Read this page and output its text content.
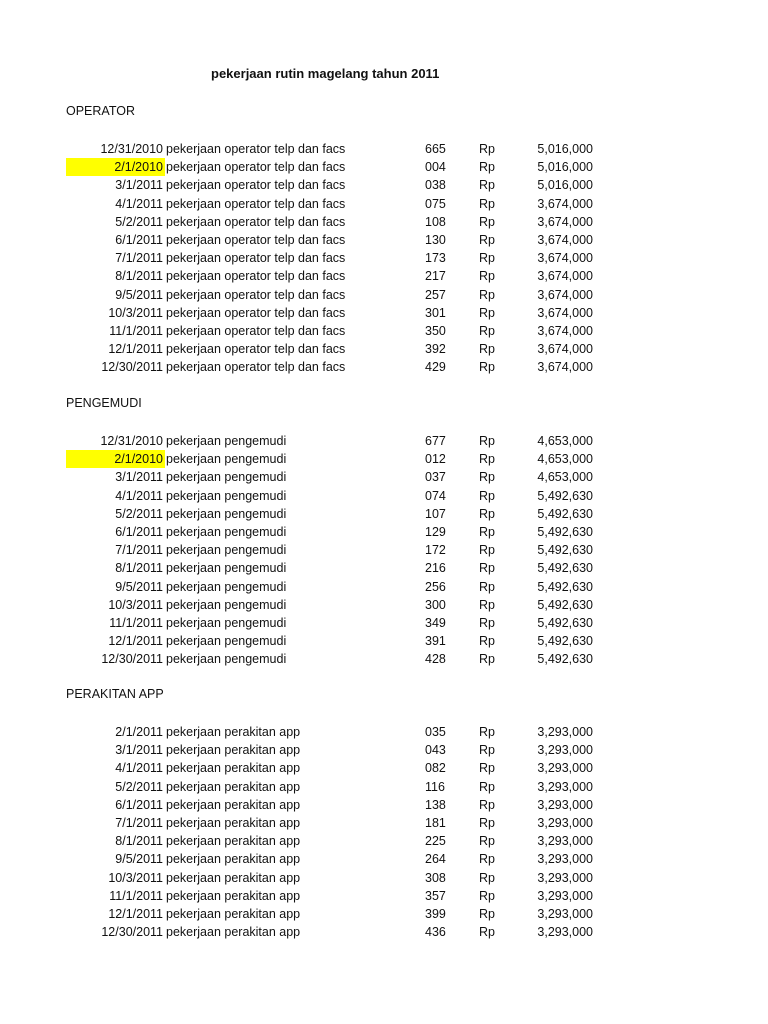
pekerjaan rutin magelang tahun 2011
OPERATOR
12/31/2010 pekerjaan operator telp dan facs	665	Rp	5,016,000
2/1/2010 pekerjaan operator telp dan facs	004	Rp	5,016,000
3/1/2011 pekerjaan operator telp dan facs	038	Rp	5,016,000
4/1/2011 pekerjaan operator telp dan facs	075	Rp	3,674,000
5/2/2011 pekerjaan operator telp dan facs	108	Rp	3,674,000
6/1/2011 pekerjaan operator telp dan facs	130	Rp	3,674,000
7/1/2011 pekerjaan operator telp dan facs	173	Rp	3,674,000
8/1/2011 pekerjaan operator telp dan facs	217	Rp	3,674,000
9/5/2011 pekerjaan operator telp dan facs	257	Rp	3,674,000
10/3/2011 pekerjaan operator telp dan facs	301	Rp	3,674,000
11/1/2011 pekerjaan operator telp dan facs	350	Rp	3,674,000
12/1/2011 pekerjaan operator telp dan facs	392	Rp	3,674,000
12/30/2011 pekerjaan operator telp dan facs	429	Rp	3,674,000
PENGEMUDI
12/31/2010 pekerjaan pengemudi	677	Rp	4,653,000
2/1/2010 pekerjaan pengemudi	012	Rp	4,653,000
3/1/2011 pekerjaan pengemudi	037	Rp	4,653,000
4/1/2011 pekerjaan pengemudi	074	Rp	5,492,630
5/2/2011 pekerjaan pengemudi	107	Rp	5,492,630
6/1/2011 pekerjaan pengemudi	129	Rp	5,492,630
7/1/2011 pekerjaan pengemudi	172	Rp	5,492,630
8/1/2011 pekerjaan pengemudi	216	Rp	5,492,630
9/5/2011 pekerjaan pengemudi	256	Rp	5,492,630
10/3/2011 pekerjaan pengemudi	300	Rp	5,492,630
11/1/2011 pekerjaan pengemudi	349	Rp	5,492,630
12/1/2011 pekerjaan pengemudi	391	Rp	5,492,630
12/30/2011 pekerjaan pengemudi	428	Rp	5,492,630
PERAKITAN APP
2/1/2011 pekerjaan perakitan app	035	Rp	3,293,000
3/1/2011 pekerjaan perakitan app	043	Rp	3,293,000
4/1/2011 pekerjaan perakitan app	082	Rp	3,293,000
5/2/2011 pekerjaan perakitan app	116	Rp	3,293,000
6/1/2011 pekerjaan perakitan app	138	Rp	3,293,000
7/1/2011 pekerjaan perakitan app	181	Rp	3,293,000
8/1/2011 pekerjaan perakitan app	225	Rp	3,293,000
9/5/2011 pekerjaan perakitan app	264	Rp	3,293,000
10/3/2011 pekerjaan perakitan app	308	Rp	3,293,000
11/1/2011 pekerjaan perakitan app	357	Rp	3,293,000
12/1/2011 pekerjaan perakitan app	399	Rp	3,293,000
12/30/2011 pekerjaan perakitan app	436	Rp	3,293,000
